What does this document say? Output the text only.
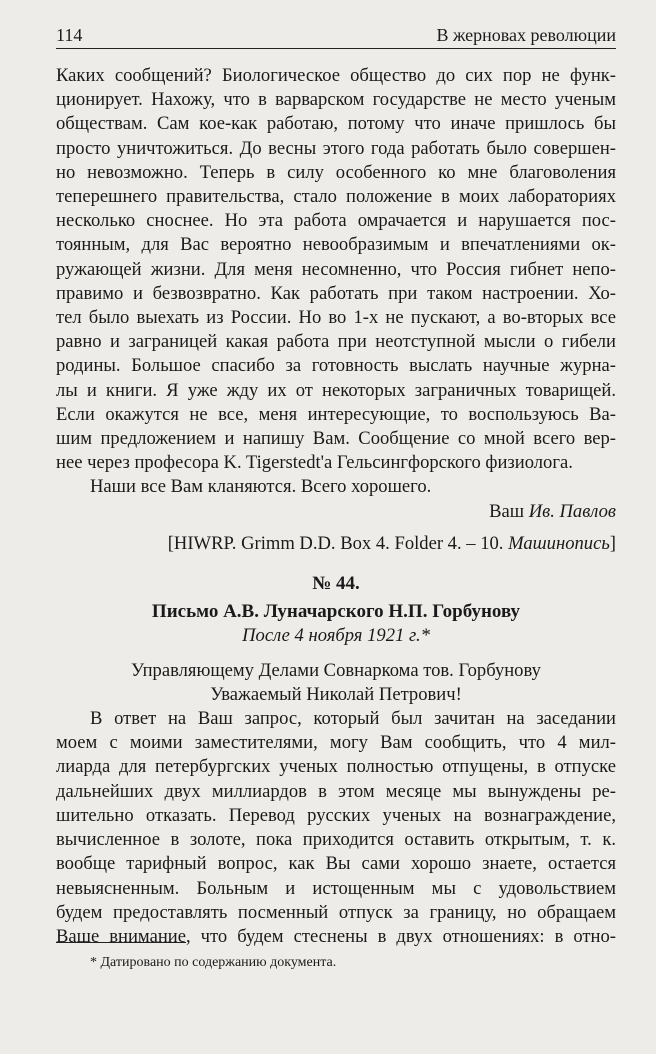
114	В жерновах революции

Каких сообщений? Биологическое общество до сих пор не функ-

ционирует. Нахожу, что в варварском государстве не место ученым

обществам. Сам кое-как работаю, потому что иначе пришлось бы

просто уничтожиться. До весны этого года работать было совершен-

но невозможно. Теперь в силу особенного ко мне благоволения

теперешнего правительства, стало положение в моих лабораториях

несколько сноснее. Но эта работа омрачается и нарушается пос-

тоянным, для Вас вероятно невообразимым и впечатлениями ок-

ружающей жизни. Для меня несомненно, что Россия гибнет непо-

правимо и безвозвратно. Как работать при таком настроении. Хо-

тел было выехать из России. Но во 1-х не пускают, а во-вторых все

равно и заграницей какая работа при неотступной мысли о гибели

родины. Большое спасибо за готовность выслать научные журна-

лы и книги. Я уже жду их от некоторых заграничных товарищей.

Если окажутся не все, меня интересующие, то воспользуюсь Ва-

шим предложением и напишу Вам. Сообщение со мной всего вер-

нее через професора K. Tigerstedt'а Гельсингфорского физиолога.

Наши все Вам кланяются. Всего хорошего.

Ваш Ив. Павлов
[HIWRP. Grimm D.D. Box 4. Folder 4. – 10. Машинопись]
№ 44.
Письмо А.В. Луначарского Н.П. Горбунову
После 4 ноября 1921 г.*
Управляющему Делами Совнаркома тов. Горбунову
Уважаемый Николай Петрович!

В ответ на Ваш запрос, который был зачитан на заседании

моем с моими заместителями, могу Вам сообщить, что 4 мил-

лиарда для петербургских ученых полностью отпущены, в отпуске

дальнейших двух миллиардов в этом месяце мы вынуждены ре-

шительно отказать. Перевод русских ученых на вознаграждение,

вычисленное в золоте, пока приходится оставить открытым, т. к.

вообще тарифный вопрос, как Вы сами хорошо знаете, остается

невыясненным. Больным и истощенным мы с удовольствием

будем предоставлять посменный отпуск за границу, но обращаем

Ваше внимание, что будем стеснены в двух отношениях: в отно-

* Датировано по содержанию документа.
